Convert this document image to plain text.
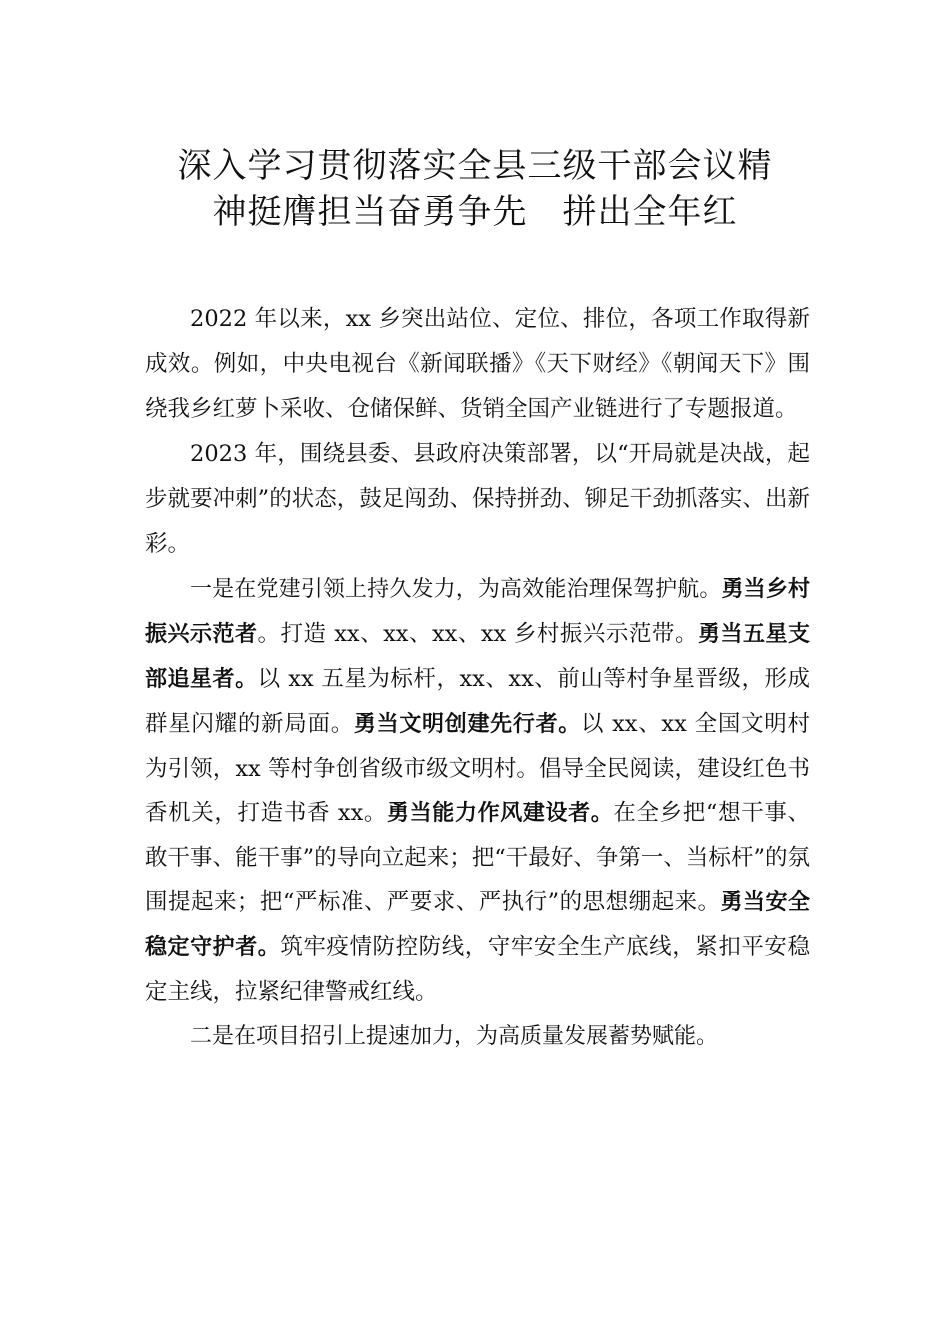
深入学习贯彻落实全县三级干部会议精
神挺膺担当奋勇争先　拼出全年红

2022 年以来，xx 乡突出站位、定位、排位，各项工作取得新成效。例如，中央电视台《新闻联播》《天下财经》《朝闻天下》围绕我乡红萝卜采收、仓储保鲜、货销全国产业链进行了专题报道。

2023 年，围绕县委、县政府决策部署，以“开局就是决战，起步就要冲刺”的状态，鼓足闯劲、保持拼劲、铆足干劲抓落实、出新彩。

一是在党建引领上持久发力，为高效能治理保驾护航。勇当乡村振兴示范者。打造 xx、xx、xx、xx 乡村振兴示范带。勇当五星支部追星者。以 xx 五星为标杆，xx、xx、前山等村争星晋级，形成群星闪耀的新局面。勇当文明创建先行者。以 xx、xx 全国文明村为引领，xx 等村争创省级市级文明村。倡导全民阅读，建设红色书香机关，打造书香 xx。勇当能力作风建设者。在全乡把“想干事、敢干事、能干事”的导向立起来；把“干最好、争第一、当标杆”的氛围提起来；把“严标准、严要求、严执行”的思想绷起来。勇当安全稳定守护者。筑牢疫情防控防线，守牢安全生产底线，紧扣平安稳定主线，拉紧纪律警戒红线。

二是在项目招引上提速加力，为高质量发展蓄势赋能。
